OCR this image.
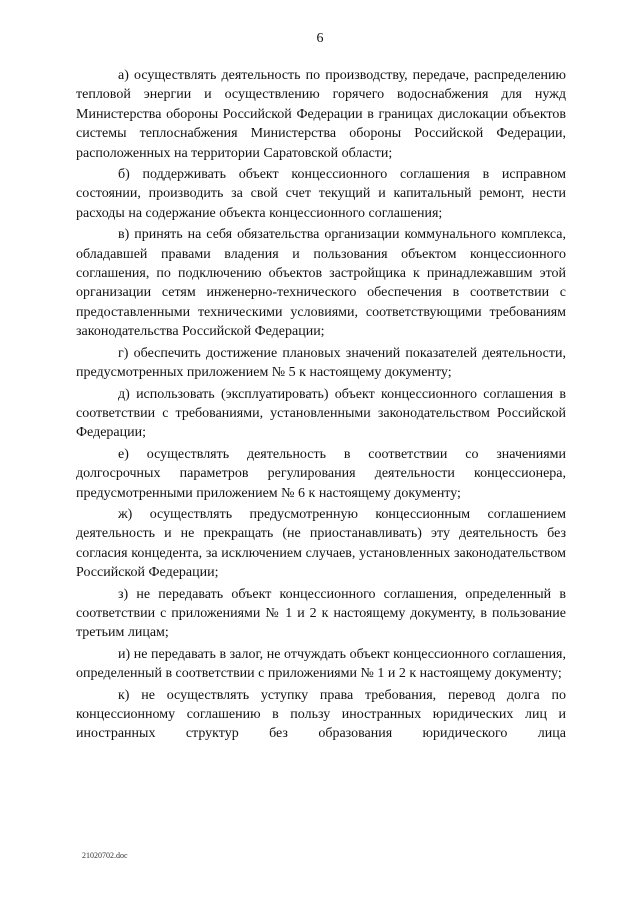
6

а) осуществлять деятельность по производству, передаче, распределению тепловой энергии и осуществлению горячего водоснабжения для нужд Министерства обороны Российской Федерации в границах дислокации объектов системы теплоснабжения Министерства обороны Российской Федерации, расположенных на территории Саратовской области;

б) поддерживать объект концессионного соглашения в исправном состоянии, производить за свой счет текущий и капитальный ремонт, нести расходы на содержание объекта концессионного соглашения;

в) принять на себя обязательства организации коммунального комплекса, обладавшей правами владения и пользования объектом концессионного соглашения, по подключению объектов застройщика к принадлежавшим этой организации сетям инженерно-технического обеспечения в соответствии с предоставленными техническими условиями, соответствующими требованиям законодательства Российской Федерации;

г) обеспечить достижение плановых значений показателей деятельности, предусмотренных приложением № 5 к настоящему документу;

д) использовать (эксплуатировать) объект концессионного соглашения в соответствии с требованиями, установленными законодательством Российской Федерации;

е) осуществлять деятельность в соответствии со значениями долгосрочных параметров регулирования деятельности концессионера, предусмотренными приложением № 6 к настоящему документу;

ж) осуществлять предусмотренную концессионным соглашением деятельность и не прекращать (не приостанавливать) эту деятельность без согласия концедента, за исключением случаев, установленных законодательством Российской Федерации;

з) не передавать объект концессионного соглашения, определенный в соответствии с приложениями № 1 и 2 к настоящему документу, в пользование третьим лицам;

и) не передавать в залог, не отчуждать объект концессионного соглашения, определенный в соответствии с приложениями № 1 и 2 к настоящему документу;

к) не осуществлять уступку права требования, перевод долга по концессионному соглашению в пользу иностранных юридических лиц и иностранных структур без образования юридического лица

21020702.doc
